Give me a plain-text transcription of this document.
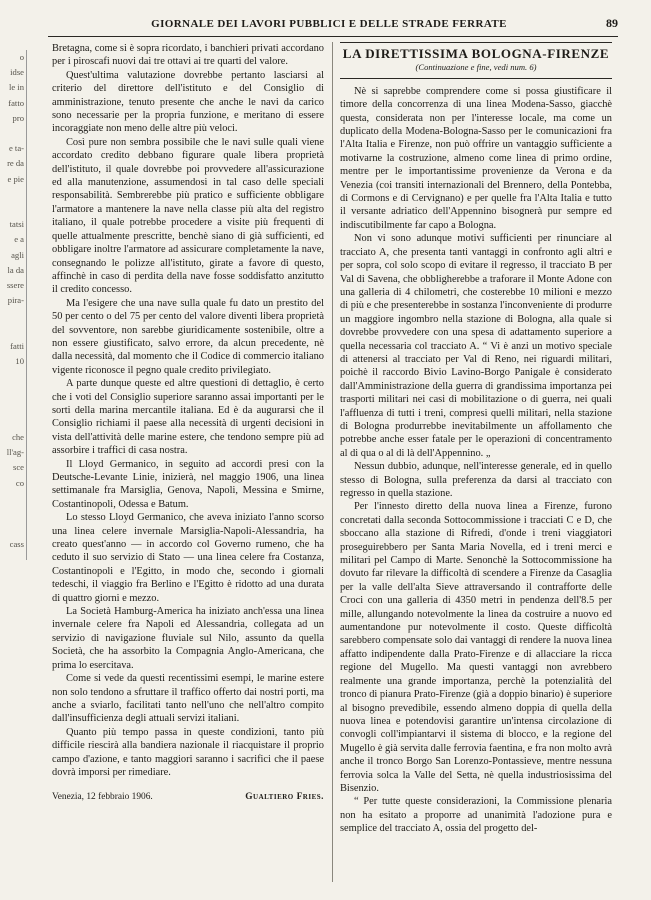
GIORNALE DEI LAVORI PUBBLICI E DELLE STRADE FERRATE	89
o
idse
le in
fatto
pro

e ta-
re da
e pie

tatsi
e a
agli
la da
ssere
pira-

fatti
10

che
ll'ag-
sce
co

cass

Bretagna, come si è sopra ricordato, i banchieri privati accordano per i piroscafi nuovi dai tre ottavi ai tre quarti del valore.

Quest'ultima valutazione dovrebbe pertanto lasciarsi al criterio del direttore dell'istituto e del Consiglio di amministrazione, tenuto presente che anche le navi da carico sono necessarie per la propria funzione, e meritano di essere incoraggiate non meno delle altre più veloci.

Così pure non sembra possibile che le navi sulle quali viene accordato credito debbano figurare quale libera proprietà dell'istituto, il quale dovrebbe poi provvedere all'assicurazione ed alla manutenzione, assumendosi in tal caso delle speciali responsabilità. Sembrerebbe più pratico e sufficiente obbligare l'armatore a mantenere la nave nella classe più alta del registro italiano, il quale potrebbe procedere a visite più frequenti di quelle attualmente prescritte, benchè siano di già sufficienti, ed obbligare inoltre l'armatore ad assicurare completamente la nave, consegnando le polizze all'istituto, girate a favore di questo, affinchè in caso di perdita della nave fosse soddisfatto anzitutto il credito concesso.

Ma l'esigere che una nave sulla quale fu dato un prestito del 50 per cento o del 75 per cento del valore diventi libera proprietà del sovventore, non sarebbe giuridicamente sostenibile, oltre a non essere giustificato, salvo errore, da alcun precedente, nè dalla necessità, dal momento che il Codice di commercio italiano vigente riconosce il pegno quale credito privilegiato.

A parte dunque queste ed altre questioni di dettaglio, è certo che i voti del Consiglio superiore saranno assai importanti per le sorti della marina mercantile italiana. Ed è da augurarsi che il Consiglio richiami il paese alla necessità di urgenti decisioni in vista dell'attività delle marine estere, che tendono sempre più ad assorbire i traffici di casa nostra.

Il Lloyd Germanico, in seguito ad accordi presi con la Deutsche-Levante Linie, inizierà, nel maggio 1906, una linea settimanale fra Marsiglia, Genova, Napoli, Messina e Smirne, Costantinopoli, Odessa e Batum.

Lo stesso Lloyd Germanico, che aveva iniziato l'anno scorso una linea celere invernale Marsiglia-Napoli-Alessandria, ha creato quest'anno — in accordo col Governo rumeno, che ha ceduto il suo servizio di Stato — una linea celere fra Costanza, Costantinopoli e l'Egitto, in modo che, secondo i giornali tedeschi, il viaggio fra Berlino e l'Egitto è ridotto ad una durata di quattro giorni e mezzo.

La Società Hamburg-America ha iniziato anch'essa una linea invernale celere fra Napoli ed Alessandria, collegata ad un servizio di navigazione fluviale sul Nilo, assunto da quella Società, che ha assorbito la Compagnia Anglo-Americana, che prima lo esercitava.

Come si vede da questi recentissimi esempi, le marine estere non solo tendono a sfruttare il traffico offerto dai nostri porti, ma anche a sviarlo, facilitati tanto nell'uno che nell'altro compito dall'insufficienza degli attuali servizi italiani.

Quanto più tempo passa in queste condizioni, tanto più difficile riescirà alla bandiera nazionale il riacquistare il proprio campo d'azione, e tanto maggiori saranno i sacrifici che il paese dovrà imporsi per rimediare.

Venezia, 12 febbraio 1906.	Gualtiero Fries.
LA DIRETTISSIMA BOLOGNA-FIRENZE
(Continuazione e fine, vedi num. 6)

Nè si saprebbe comprendere come si possa giustificare il timore della concorrenza di una linea Modena-Sasso, giacchè questa, considerata non per l'interesse locale, ma come un duplicato della Modena-Bologna-Sasso per le comunicazioni fra l'Alta Italia e Firenze, non può offrire un vantaggio sufficiente a motivarne la costruzione, almeno come linea di primo ordine, mentre per le importantissime provenienze da Verona e da Venezia (coi transiti internazionali del Brennero, della Pontebba, di Cormons e di Cervignano) e per quelle fra l'Alta Italia e tutto il versante adriatico dell'Appennino bisognerà pur sempre ed indiscutibilmente far capo a Bologna.

Non vi sono adunque motivi sufficienti per rinunciare al tracciato A, che presenta tanti vantaggi in confronto agli altri e per sopra, col solo scopo di evitare il regresso, il tracciato B per Val di Savena, che obbligherebbe a traforare il Monte Adone con una galleria di 4 chilometri, che costerebbe 10 milioni e mezzo di più e che presenterebbe in sostanza l'inconveniente di produrre un maggiore ingombro nella stazione di Bologna, alla quale si dovrebbe provvedere con una spesa di adattamento superiore a quella necessaria col tracciato A. “ Vi è anzi un motivo speciale di attenersi al tracciato per Val di Reno, nei riguardi militari, poichè il raccordo Bivio Lavino-Borgo Panigale è considerato dall'Amministrazione della guerra di grandissima importanza pei trasporti militari nei casi di mobilitazione o di guerra, nei quali l'affluenza di tutti i treni, compresi quelli militari, nella stazione di Bologna produrrebbe inevitabilmente un affollamento che potrebbe anche esser fatale per le operazioni di concentramento al di qua o al di là dell'Appennino. „

Nessun dubbio, adunque, nell'interesse generale, ed in quello stesso di Bologna, sulla preferenza da darsi al tracciato con regresso in quella stazione.

Per l'innesto diretto della nuova linea a Firenze, furono concretati dalla seconda Sottocommissione i tracciati C e D, che sboccano alla stazione di Rifredi, d'onde i treni viaggiatori proseguirebbero per Santa Maria Novella, ed i treni merci e militari pel Campo di Marte. Senonchè la Sottocommissione ha dovuto far rilevare la difficoltà di scendere a Firenze da Casaglia per la valle dell'alta Sieve attraversando il contrafforte delle Croci con una galleria di 4350 metri in pendenza dell'8.5 per mille, allungando notevolmente la linea da costruire a nuovo ed aumentandone pur notevolmente il costo. Queste difficoltà sarebbero compensate solo dai vantaggi di rendere la nuova linea affatto indipendente dalla Prato-Firenze e di allacciare la ricca regione del Mugello. Ma questi vantaggi non avrebbero realmente una grande importanza, perchè la potenzialità del tronco di pianura Prato-Firenze (già a doppio binario) è superiore al bisogno prevedibile, essendo almeno doppia di quella della nuova linea e potendovisi garantire un'intensa circolazione di convogli coll'impiantarvi il sistema di blocco, e la regione del Mugello è già servita dalle ferrovia faentina, e fra non molto avrà anche il tronco Borgo San Lorenzo-Pontassieve, mentre nessuna ferrovia solca la Valle del Setta, nè quella industriosissima del Bisenzio.

“ Per tutte queste considerazioni, la Commissione plenaria non ha esitato a proporre ad unanimità l'adozione pura e semplice del tracciato A, ossia del progetto del-
